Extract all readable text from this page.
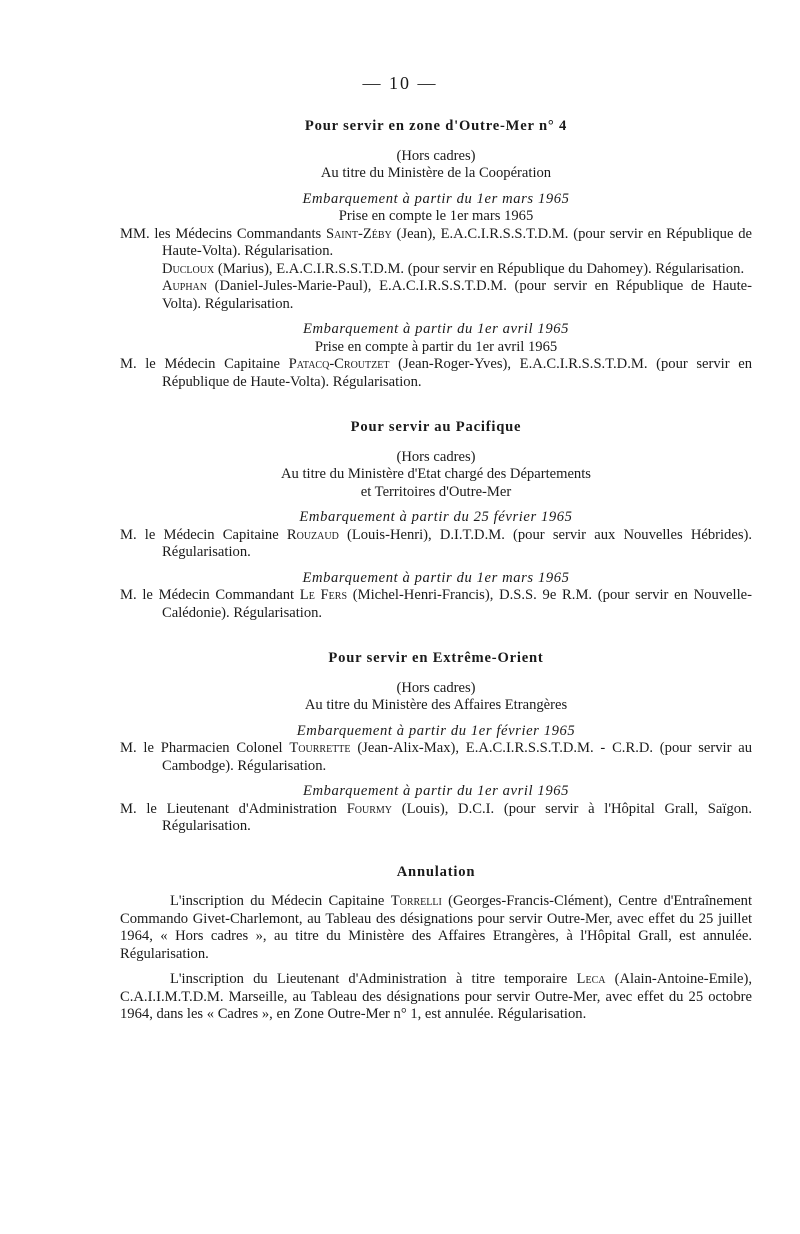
— 10 —

Pour servir en zone d'Outre-Mer n° 4

(Hors cadres)
Au titre du Ministère de la Coopération
Embarquement à partir du 1er mars 1965
Prise en compte le 1er mars 1965
MM. les Médecins Commandants Saint-Zéby (Jean), E.A.C.I.R.S.S.T.D.M. (pour servir en République de Haute-Volta). Régularisation.
Ducloux (Marius), E.A.C.I.R.S.S.T.D.M. (pour servir en République du Dahomey). Régularisation.
Auphan (Daniel-Jules-Marie-Paul), E.A.C.I.R.S.S.T.D.M. (pour servir en République de Haute-Volta). Régularisation.
Embarquement à partir du 1er avril 1965
Prise en compte à partir du 1er avril 1965
M. le Médecin Capitaine Patacq-Croutzet (Jean-Roger-Yves), E.A.C.I.R.S.S.T.D.M. (pour servir en République de Haute-Volta). Régularisation.

Pour servir au Pacifique

(Hors cadres)
Au titre du Ministère d'Etat chargé des Départements
et Territoires d'Outre-Mer
Embarquement à partir du 25 février 1965
M. le Médecin Capitaine Rouzaud (Louis-Henri), D.I.T.D.M. (pour servir aux Nouvelles Hébrides). Régularisation.
Embarquement à partir du 1er mars 1965
M. le Médecin Commandant Le Fers (Michel-Henri-Francis), D.S.S. 9e R.M. (pour servir en Nouvelle-Calédonie). Régularisation.

Pour servir en Extrême-Orient

(Hors cadres)
Au titre du Ministère des Affaires Etrangères
Embarquement à partir du 1er février 1965
M. le Pharmacien Colonel Tourrette (Jean-Alix-Max), E.A.C.I.R.S.S.T.D.M. - C.R.D. (pour servir au Cambodge). Régularisation.
Embarquement à partir du 1er avril 1965
M. le Lieutenant d'Administration Fourmy (Louis), D.C.I. (pour servir à l'Hôpital Grall, Saïgon. Régularisation.

Annulation

L'inscription du Médecin Capitaine Torrelli (Georges-Francis-Clément), Centre d'Entraînement Commando Givet-Charlemont, au Tableau des désignations pour servir Outre-Mer, avec effet du 25 juillet 1964, « Hors cadres », au titre du Ministère des Affaires Etrangères, à l'Hôpital Grall, est annulée. Régularisation.
L'inscription du Lieutenant d'Administration à titre temporaire Leca (Alain-Antoine-Emile), C.A.I.I.M.T.D.M. Marseille, au Tableau des désignations pour servir Outre-Mer, avec effet du 25 octobre 1964, dans les « Cadres », en Zone Outre-Mer n° 1, est annulée. Régularisation.
